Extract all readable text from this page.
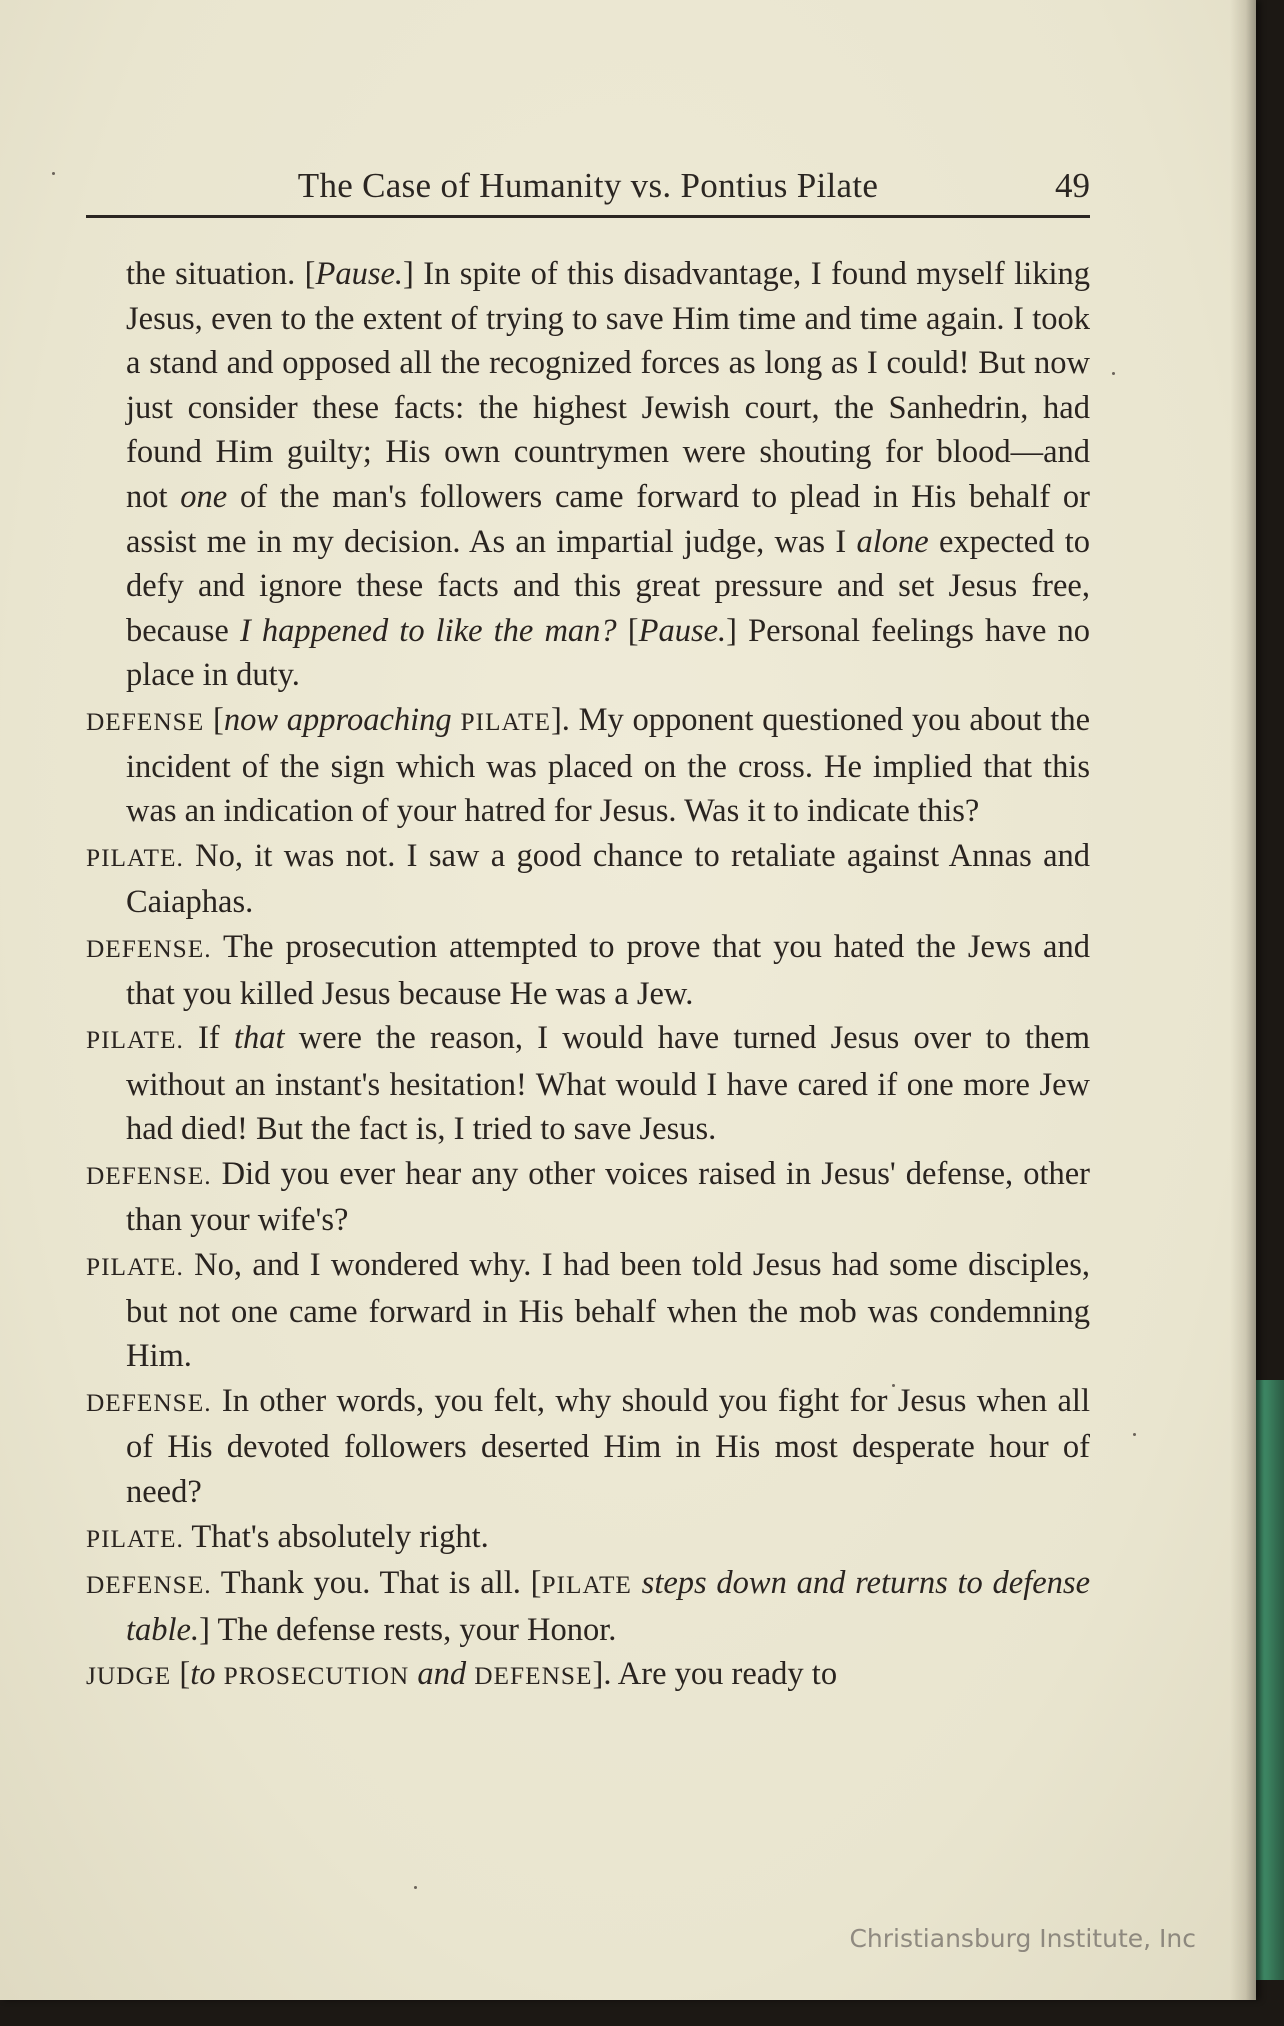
The Case of Humanity vs. Pontius Pilate	49

the situation. [Pause.] In spite of this disadvantage, I found myself liking Jesus, even to the extent of trying to save Him time and time again. I took a stand and opposed all the recognized forces as long as I could! But now just consider these facts: the highest Jewish court, the Sanhedrin, had found Him guilty; His own countrymen were shouting for blood—and not one of the man's followers came forward to plead in His behalf or assist me in my decision. As an impartial judge, was I alone expected to defy and ignore these facts and this great pressure and set Jesus free, because I happened to like the man? [Pause.] Personal feelings have no place in duty.

DEFENSE [now approaching PILATE]. My opponent questioned you about the incident of the sign which was placed on the cross. He implied that this was an indication of your hatred for Jesus. Was it to indicate this?

PILATE. No, it was not. I saw a good chance to retaliate against Annas and Caiaphas.

DEFENSE. The prosecution attempted to prove that you hated the Jews and that you killed Jesus because He was a Jew.

PILATE. If that were the reason, I would have turned Jesus over to them without an instant's hesitation! What would I have cared if one more Jew had died! But the fact is, I tried to save Jesus.

DEFENSE. Did you ever hear any other voices raised in Jesus' defense, other than your wife's?

PILATE. No, and I wondered why. I had been told Jesus had some disciples, but not one came forward in His behalf when the mob was condemning Him.

DEFENSE. In other words, you felt, why should you fight for Jesus when all of His devoted followers deserted Him in His most desperate hour of need?

PILATE. That's absolutely right.

DEFENSE. Thank you. That is all. [PILATE steps down and returns to defense table.] The defense rests, your Honor.

JUDGE [to PROSECUTION and DEFENSE]. Are you ready to

Christiansburg Institute, Inc
